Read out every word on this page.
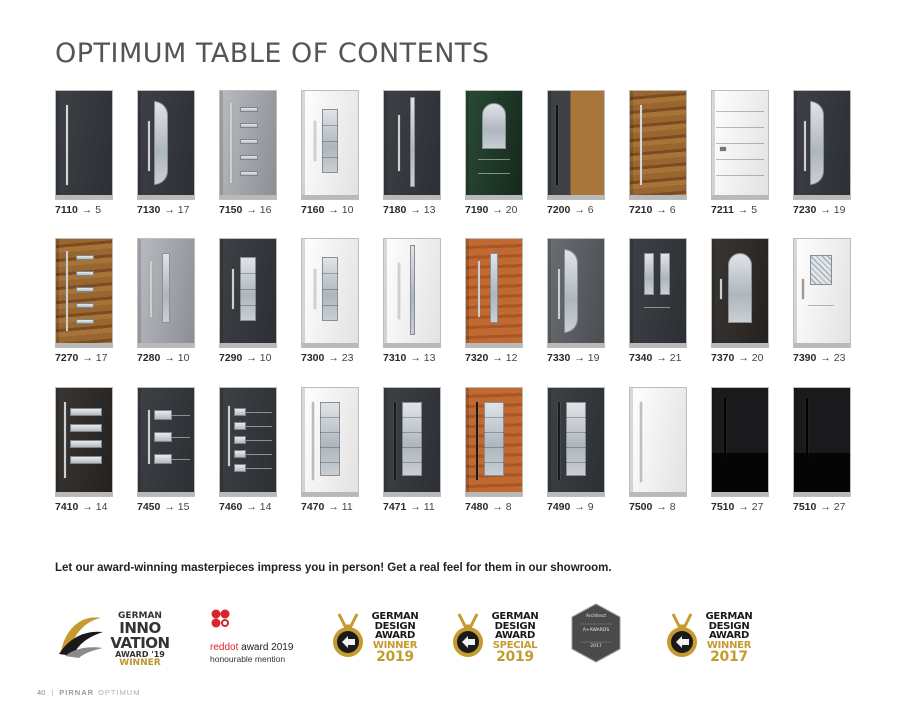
OPTIMUM TABLE OF CONTENTS
7110 → 5	7130 → 17	7150 → 16	7160 → 10	7180 → 13	7190 → 20	7200 → 6	7210 → 6	7211 → 5	7230 → 19
7270 → 17	7280 → 10	7290 → 10	7300 → 23	7310 → 13	7320 → 12	7330 → 19	7340 → 21	7370 → 20	7390 → 23
7410 → 14	7450 → 15	7460 → 14	7470 → 11	7471 → 11	7480 → 8	7490 → 9	7500 → 8	7510 → 27	7510 → 27

Let our award-winning masterpieces impress you in person! Get a real feel for them in our showroom.

GERMAN
INNO
VATION
AWARD '19
WINNER
reddot award 2019
honourable mention
GERMAN
DESIGN
AWARD
WINNER
2019
GERMAN
DESIGN
AWARD
SPECIAL
2019
Architect
A+AWARDS
2017
GERMAN
DESIGN
AWARD
WINNER
2017
40 | PIRNAR OPTIMUM
